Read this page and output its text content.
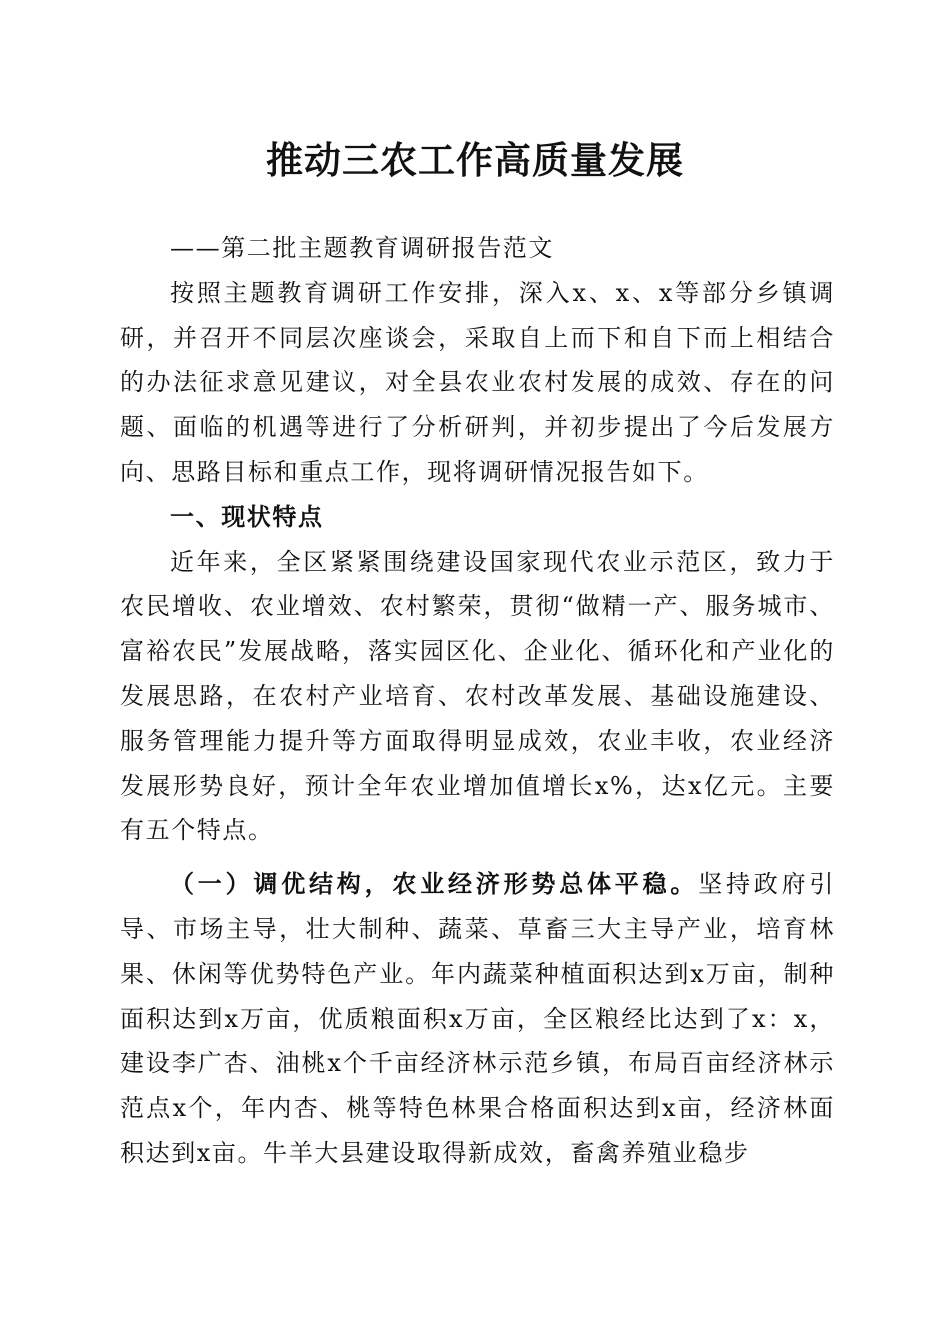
推动三农工作高质量发展

——第二批主题教育调研报告范文

按照主题教育调研工作安排，深入x、x、x等部分乡镇调研，并召开不同层次座谈会，采取自上而下和自下而上相结合的办法征求意见建议，对全县农业农村发展的成效、存在的问题、面临的机遇等进行了分析研判，并初步提出了今后发展方向、思路目标和重点工作，现将调研情况报告如下。

一、现状特点

近年来，全区紧紧围绕建设国家现代农业示范区，致力于农民增收、农业增效、农村繁荣，贯彻“做精一产、服务城市、富裕农民”发展战略，落实园区化、企业化、循环化和产业化的发展思路，在农村产业培育、农村改革发展、基础设施建设、服务管理能力提升等方面取得明显成效，农业丰收，农业经济发展形势良好，预计全年农业增加值增长x%，达x亿元。主要有五个特点。

（一）调优结构，农业经济形势总体平稳。坚持政府引导、市场主导，壮大制种、蔬菜、草畜三大主导产业，培育林果、休闲等优势特色产业。年内蔬菜种植面积达到x万亩，制种面积达到x万亩，优质粮面积x万亩，全区粮经比达到了x：x，建设李广杏、油桃x个千亩经济林示范乡镇，布局百亩经济林示范点x个，年内杏、桃等特色林果合格面积达到x亩，经济林面积达到x亩。牛羊大县建设取得新成效，畜禽养殖业稳步
